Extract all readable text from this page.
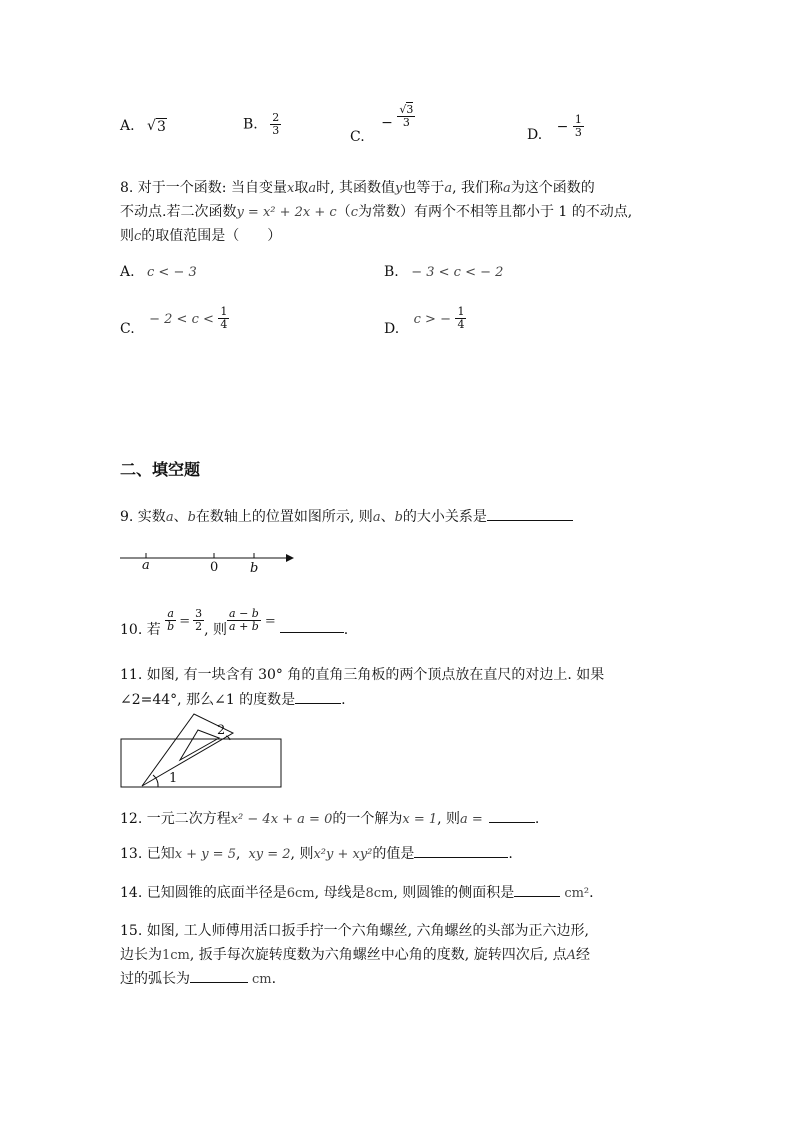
A. √ 3	B. $\frac{2}{3}$	C. − $\frac{√3}{3}$
D. − $\frac{1}{3}$
8. 对于一个函数: 当自变量x取a时, 其函数值y也等于a, 我们称a为这个函数的
不动点.若二次函数y = x² + 2x + c（c为常数）有两个不相等且都小于 1 的不动点,
则c的取值范围是（　　）
A. c < − 3	B. − 3 < c < − 2
C. − $2 < c < \frac{1}{4}$	D. c > − $\frac{1}{4}$
二、填空题
9. 实数a、b在数轴上的位置如图所示, 则a、b的大小关系是
a	0 b
10. 若 $\frac{a}{b} = \frac{3}{2}$ , 则 $\frac{a - b}{a + b}$ =.
11. 如图, 有一块含有 30° 角的直角三角板的两个顶点放在直尺的对边上. 如果
∠2=44°, 那么∠1 的度数是	.
2
1
12. 一元二次方程x² − 4x + a = 0的一个解为x = 1, 则a =	.
13. 已知x + y = 5, xy = 2, 则x²y + xy²的值是	.
14. 已知圆锥的底面半径是6cm, 母线是8cm, 则圆锥的侧面积是	cm².
15. 如图, 工人师傅用活口扳手拧一个六角螺丝, 六角螺丝的头部为正六边形,
边长为1cm, 扳手每次旋转度数为六角螺丝中心角的度数, 旋转四次后, 点A经
过的弧长为	cm.
